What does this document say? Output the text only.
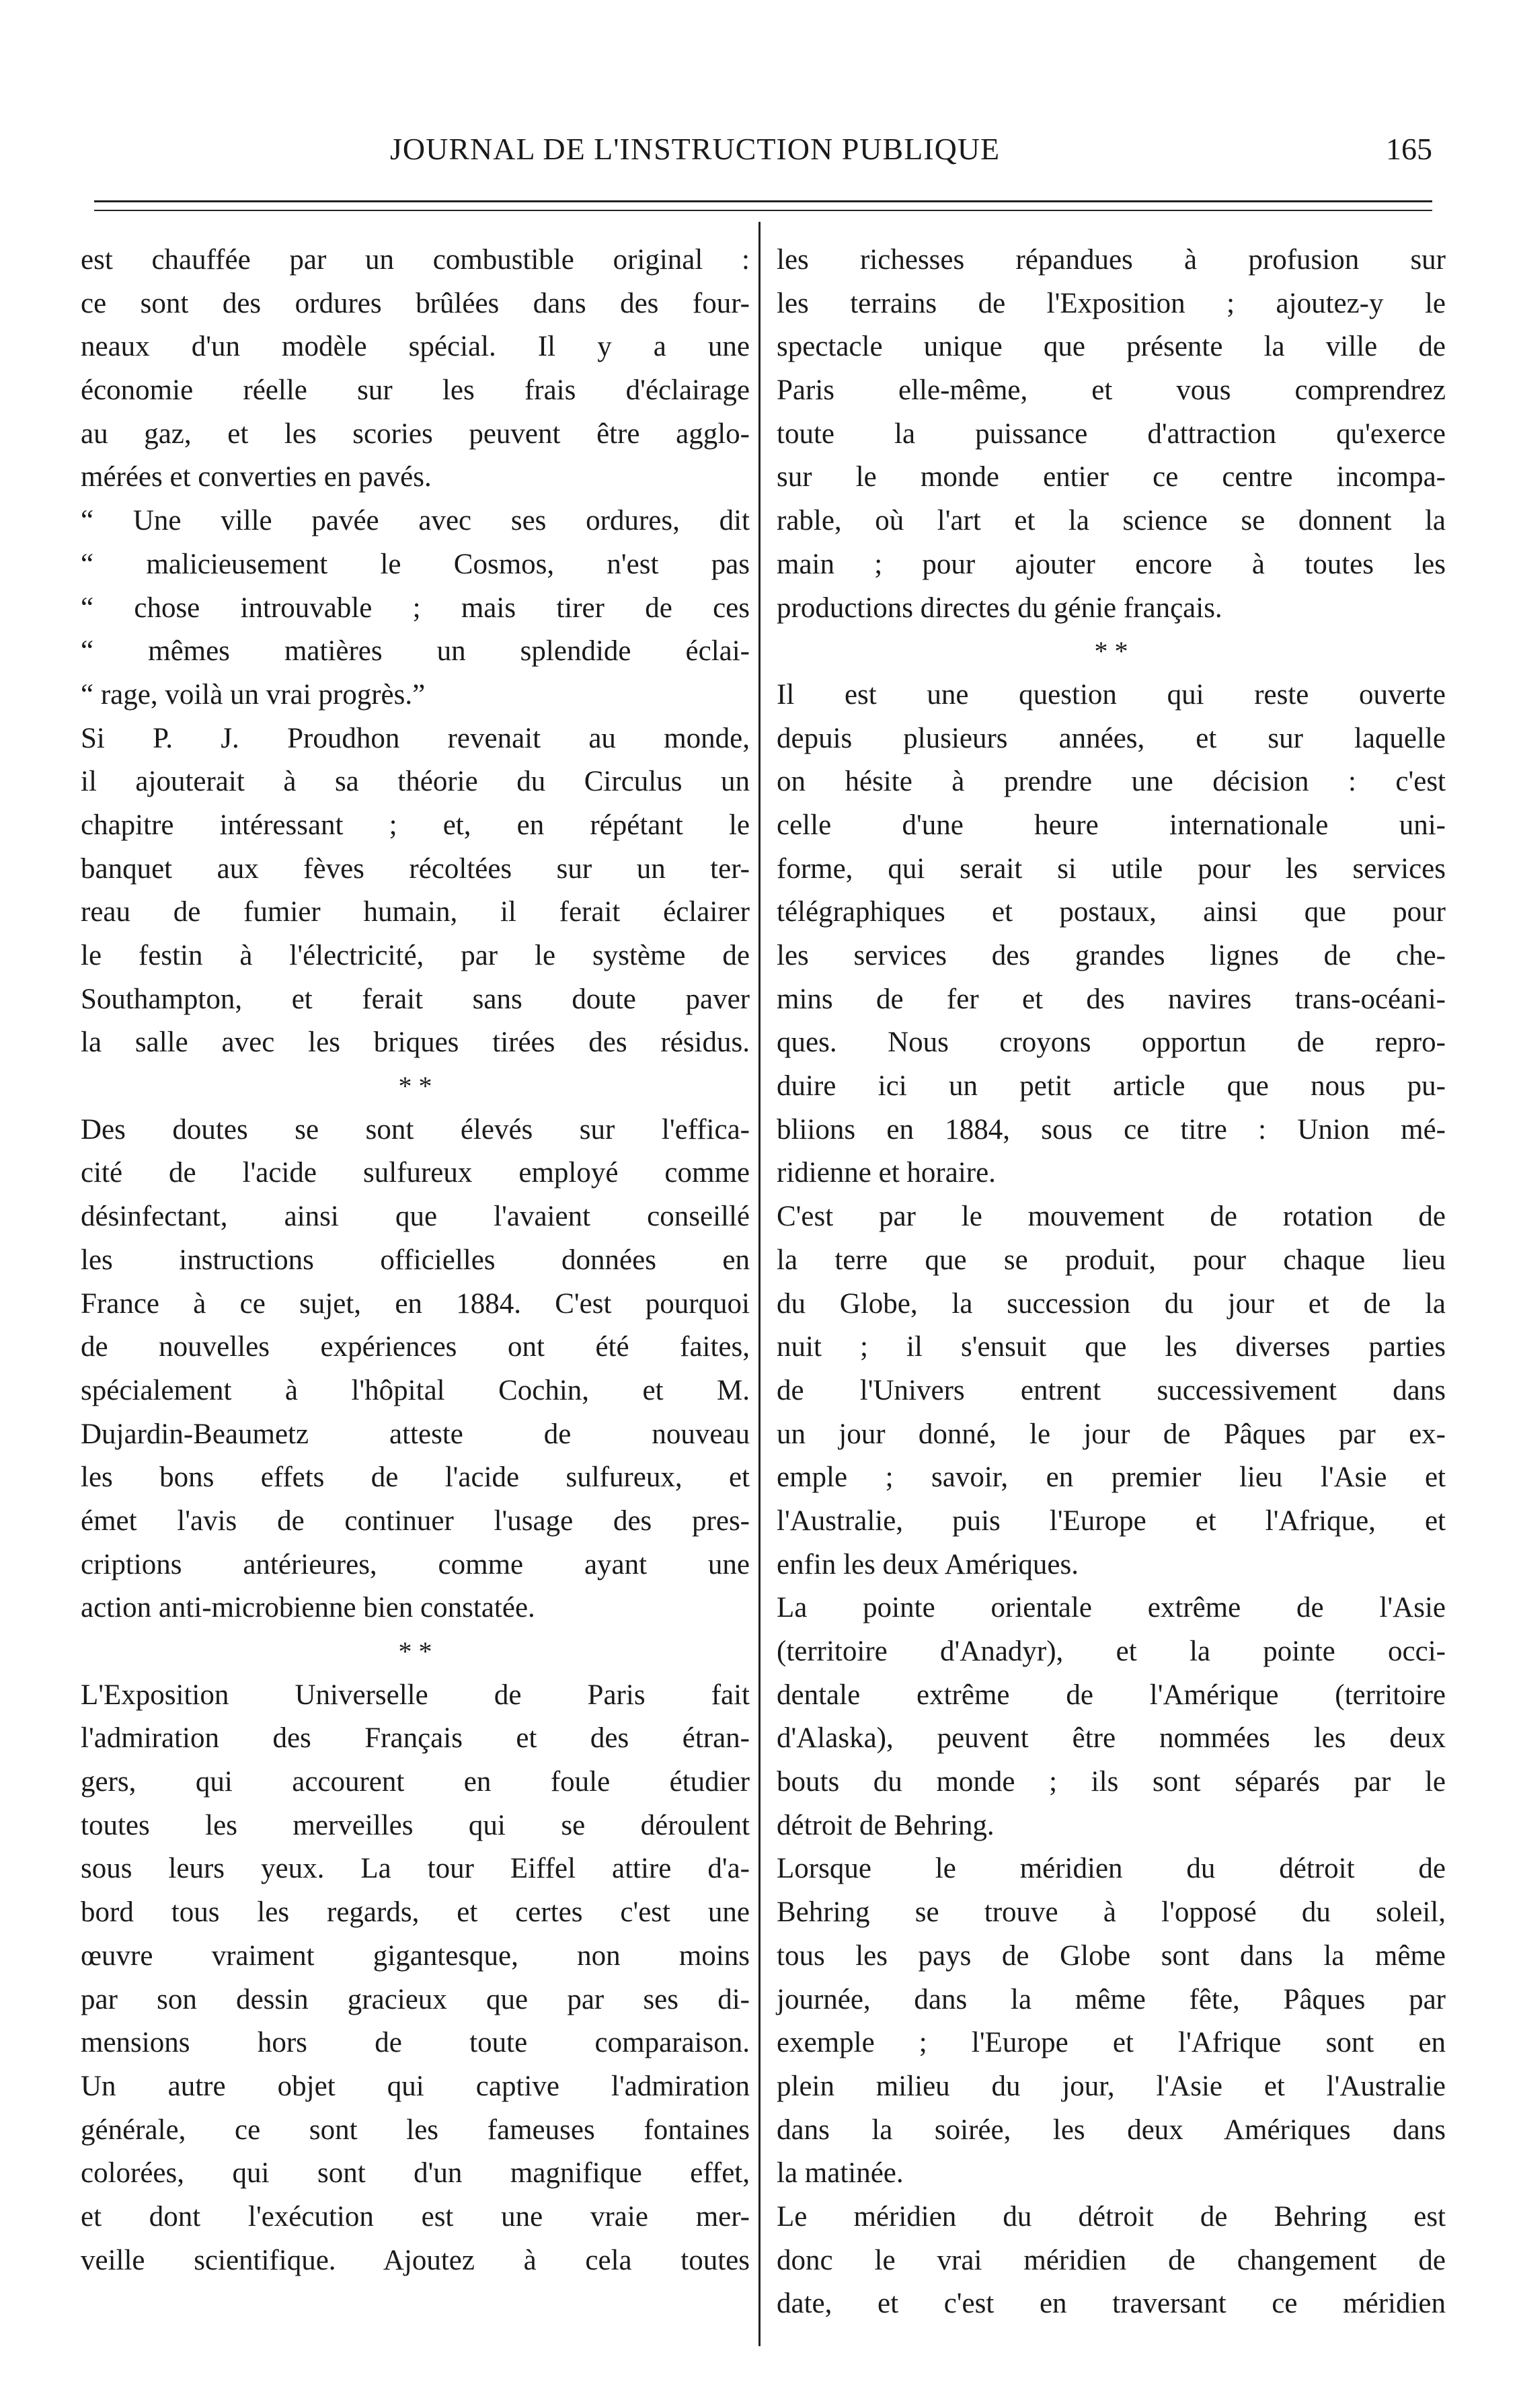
JOURNAL DE L'INSTRUCTION PUBLIQUE	165
est chauffée par un combustible original :
ce sont des ordures brûlées dans des four-
neaux d'un modèle spécial. Il y a une
économie réelle sur les frais d'éclairage
au gaz, et les scories peuvent être agglo-
mérées et converties en pavés.
“ Une ville pavée avec ses ordures, dit
“ malicieusement le Cosmos, n'est pas
“ chose introuvable ; mais tirer de ces
“ mêmes matières un splendide éclai-
“ rage, voilà un vrai progrès.”
Si P. J. Proudhon revenait au monde,
il ajouterait à sa théorie du Circulus un
chapitre intéressant ; et, en répétant le
banquet aux fèves récoltées sur un ter-
reau de fumier humain, il ferait éclairer
le festin à l'électricité, par le système de
Southampton, et ferait sans doute paver
la salle avec les briques tirées des résidus.
* *
Des doutes se sont élevés sur l'effica-
cité de l'acide sulfureux employé comme
désinfectant, ainsi que l'avaient conseillé
les instructions officielles données en
France à ce sujet, en 1884. C'est pourquoi
de nouvelles expériences ont été faites,
spécialement à l'hôpital Cochin, et M.
Dujardin-Beaumetz atteste de nouveau
les bons effets de l'acide sulfureux, et
émet l'avis de continuer l'usage des pres-
criptions antérieures, comme ayant une
action anti-microbienne bien constatée.
* *
L'Exposition Universelle de Paris fait
l'admiration des Français et des étran-
gers, qui accourent en foule étudier
toutes les merveilles qui se déroulent
sous leurs yeux. La tour Eiffel attire d'a-
bord tous les regards, et certes c'est une
œuvre vraiment gigantesque, non moins
par son dessin gracieux que par ses di-
mensions hors de toute comparaison.
Un autre objet qui captive l'admiration
générale, ce sont les fameuses fontaines
colorées, qui sont d'un magnifique effet,
et dont l'exécution est une vraie mer-
veille scientifique. Ajoutez à cela toutes
les richesses répandues à profusion sur
les terrains de l'Exposition ; ajoutez-y le
spectacle unique que présente la ville de
Paris elle-même, et vous comprendrez
toute la puissance d'attraction qu'exerce
sur le monde entier ce centre incompa-
rable, où l'art et la science se donnent la
main ; pour ajouter encore à toutes les
productions directes du génie français.
* *
Il est une question qui reste ouverte
depuis plusieurs années, et sur laquelle
on hésite à prendre une décision : c'est
celle d'une heure internationale uni-
forme, qui serait si utile pour les services
télégraphiques et postaux, ainsi que pour
les services des grandes lignes de che-
mins de fer et des navires trans-océani-
ques. Nous croyons opportun de repro-
duire ici un petit article que nous pu-
bliions en 1884, sous ce titre : Union mé-
ridienne et horaire.
C'est par le mouvement de rotation de
la terre que se produit, pour chaque lieu
du Globe, la succession du jour et de la
nuit ; il s'ensuit que les diverses parties
de l'Univers entrent successivement dans
un jour donné, le jour de Pâques par ex-
emple ; savoir, en premier lieu l'Asie et
l'Australie, puis l'Europe et l'Afrique, et
enfin les deux Amériques.
La pointe orientale extrême de l'Asie
(territoire d'Anadyr), et la pointe occi-
dentale extrême de l'Amérique (territoire
d'Alaska), peuvent être nommées les deux
bouts du monde ; ils sont séparés par le
détroit de Behring.
Lorsque le méridien du détroit de
Behring se trouve à l'opposé du soleil,
tous les pays de Globe sont dans la même
journée, dans la même fête, Pâques par
exemple ; l'Europe et l'Afrique sont en
plein milieu du jour, l'Asie et l'Australie
dans la soirée, les deux Amériques dans
la matinée.
Le méridien du détroit de Behring est
donc le vrai méridien de changement de
date, et c'est en traversant ce méridien
